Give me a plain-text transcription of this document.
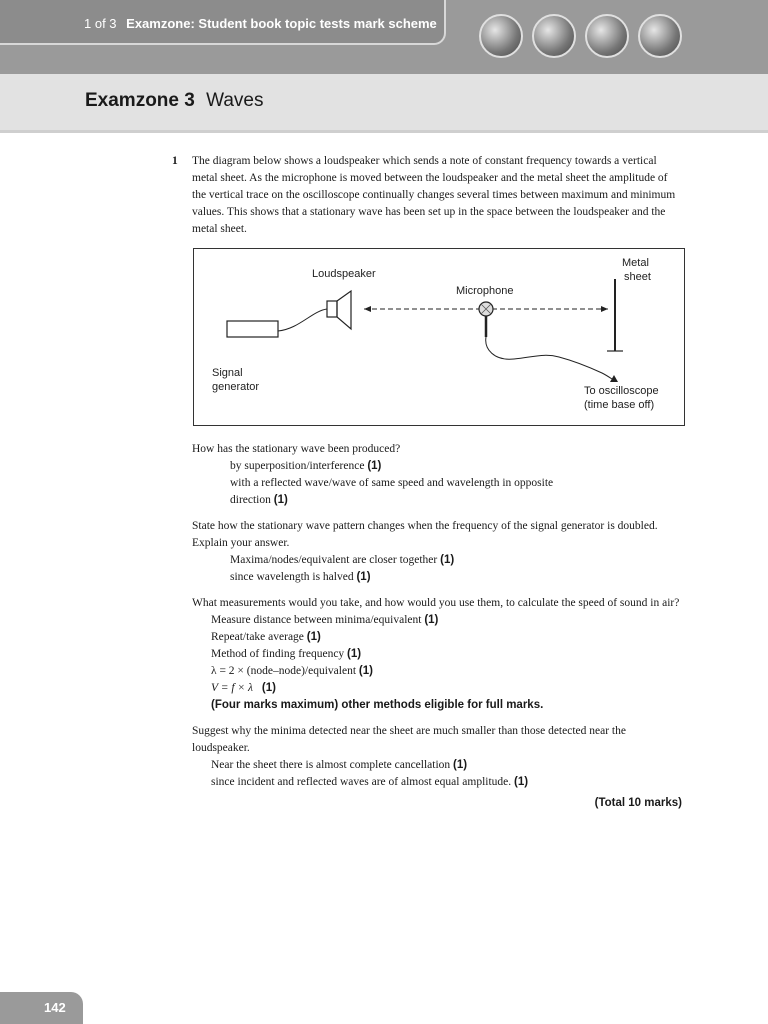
1 of 3 Examzone: Student book topic tests mark scheme
Examzone 3 Waves
1	The diagram below shows a loudspeaker which sends a note of constant frequency towards a vertical metal sheet. As the microphone is moved between the loudspeaker and the metal sheet the amplitude of the vertical trace on the oscilloscope continually changes several times between maximum and minimum values. This shows that a stationary wave has been set up in the space between the loudspeaker and the metal sheet.
Loudspeaker
Microphone
Metal
sheet
Signal
generator	To oscilloscope
(time base off)
How has the stationary wave been produced?
by superposition/interference (1)
with a reflected wave/wave of same speed and wavelength in opposite
direction (1)
State how the stationary wave pattern changes when the frequency of the signal generator is doubled. Explain your answer.
Maxima/nodes/equivalent are closer together (1)
since wavelength is halved (1)
What measurements would you take, and how would you use them, to calculate the speed of sound in air?
Measure distance between minima/equivalent (1)
Repeat/take average (1)
Method of finding frequency (1)
λ = 2 × (node–node)/equivalent (1)
V = f × λ (1)
(Four marks maximum) other methods eligible for full marks.
Suggest why the minima detected near the sheet are much smaller than those detected near the loudspeaker.
Near the sheet there is almost complete cancellation (1)
since incident and reflected waves are of almost equal amplitude. (1)
(Total 10 marks)
142
